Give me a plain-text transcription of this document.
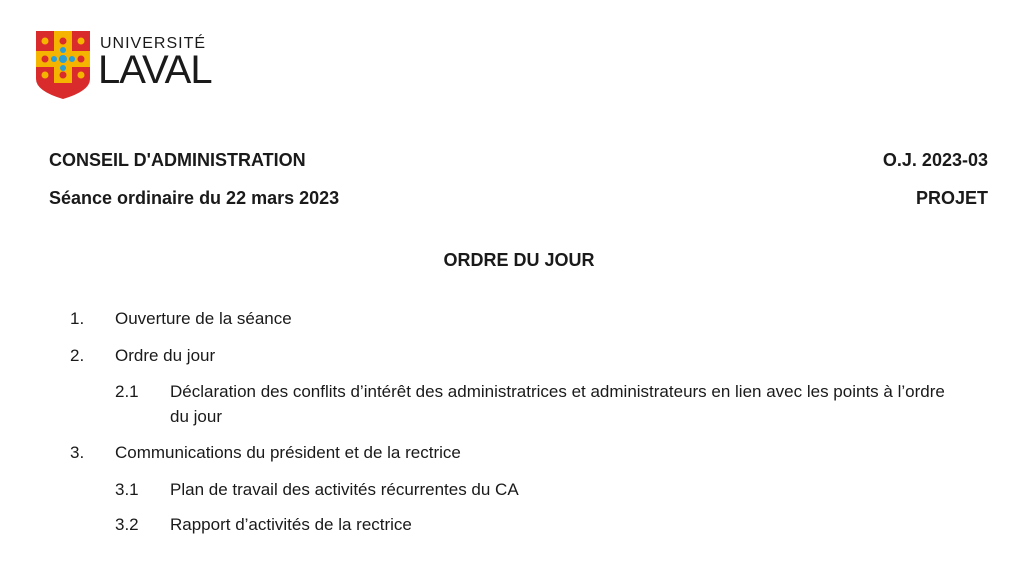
UNIVERSITÉ
LAVAL
CONSEIL D'ADMINISTRATION
Séance ordinaire du 22 mars 2023
O.J. 2023-03
PROJET
ORDRE DU JOUR
1. Ouverture de la séance
2. Ordre du jour
2.1 Déclaration des conflits d’intérêt des administratrices et administrateurs en lien avec les points à l’ordre du jour
3. Communications du président et de la rectrice
3.1 Plan de travail des activités récurrentes du CA
3.2 Rapport d’activités de la rectrice
